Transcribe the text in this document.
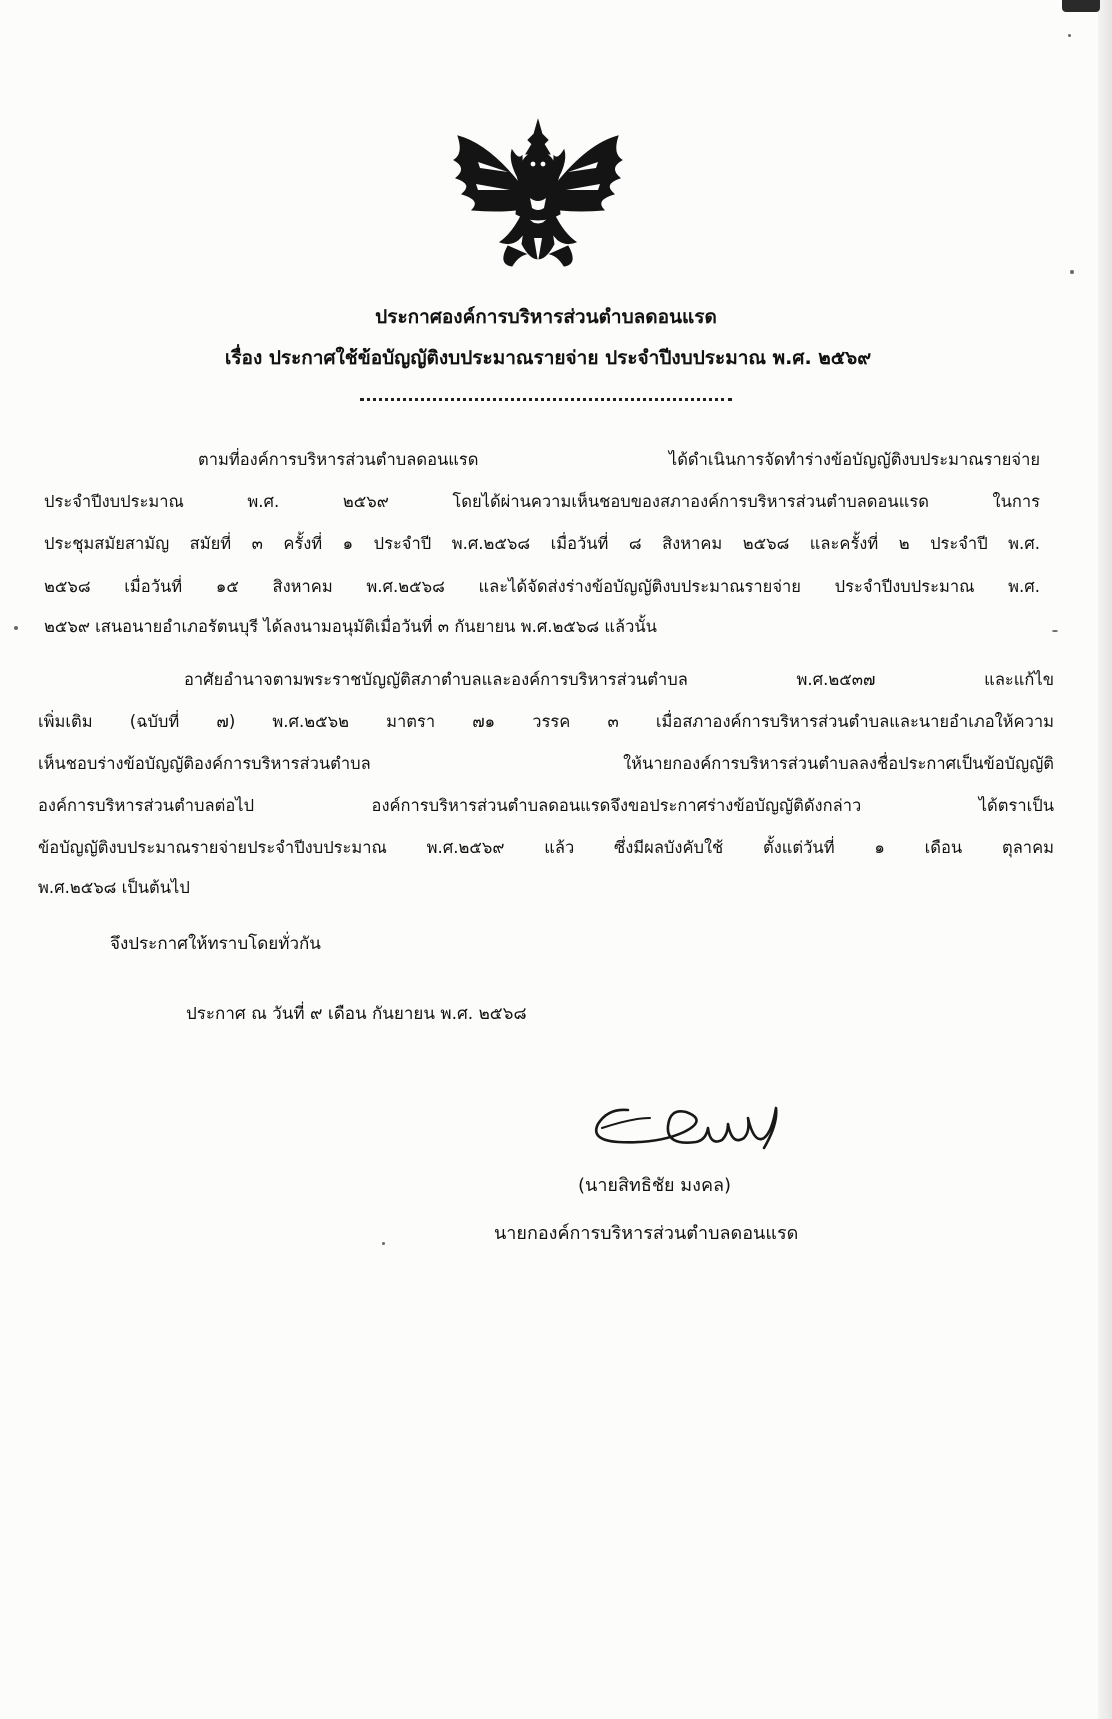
ประกาศองค์การบริหารส่วนตำบลดอนแรด
เรื่อง ประกาศใช้ข้อบัญญัติงบประมาณรายจ่าย ประจำปีงบประมาณ พ.ศ. ๒๕๖๙
ตามที่องค์การบริหารส่วนตำบลดอนแรด ได้ดำเนินการจัดทำร่างข้อบัญญัติงบประมาณรายจ่าย
ประจำปีงบประมาณ พ.ศ. ๒๕๖๙ โดยได้ผ่านความเห็นชอบของสภาองค์การบริหารส่วนตำบลดอนแรด ในการ
ประชุมสมัยสามัญ สมัยที่ ๓ ครั้งที่ ๑ ประจำปี พ.ศ.๒๕๖๘ เมื่อวันที่ ๘ สิงหาคม ๒๕๖๘ และครั้งที่ ๒ ประจำปี พ.ศ.
๒๕๖๘ เมื่อวันที่ ๑๕ สิงหาคม พ.ศ.๒๕๖๘ และได้จัดส่งร่างข้อบัญญัติงบประมาณรายจ่าย ประจำปีงบประมาณ พ.ศ.
๒๕๖๙ เสนอนายอำเภอรัตนบุรี ได้ลงนามอนุมัติเมื่อวันที่ ๓ กันยายน พ.ศ.๒๕๖๘ แล้วนั้น
อาศัยอำนาจตามพระราชบัญญัติสภาตำบลและองค์การบริหารส่วนตำบล พ.ศ.๒๕๓๗ และแก้ไข
เพิ่มเติม (ฉบับที่ ๗) พ.ศ.๒๕๖๒ มาตรา ๗๑ วรรค ๓ เมื่อสภาองค์การบริหารส่วนตำบลและนายอำเภอให้ความ
เห็นชอบร่างข้อบัญญัติองค์การบริหารส่วนตำบล ให้นายกองค์การบริหารส่วนตำบลลงชื่อประกาศเป็นข้อบัญญัติ
องค์การบริหารส่วนตำบลต่อไป องค์การบริหารส่วนตำบลดอนแรดจึงขอประกาศร่างข้อบัญญัติดังกล่าว ได้ตราเป็น
ข้อบัญญัติงบประมาณรายจ่ายประจำปีงบประมาณ พ.ศ.๒๕๖๙ แล้ว ซึ่งมีผลบังคับใช้ ตั้งแต่วันที่ ๑ เดือน ตุลาคม
พ.ศ.๒๕๖๘ เป็นต้นไป
จึงประกาศให้ทราบโดยทั่วกัน
ประกาศ ณ วันที่ ๙ เดือน กันยายน พ.ศ. ๒๕๖๘
(นายสิทธิชัย มงคล)
นายกองค์การบริหารส่วนตำบลดอนแรด
